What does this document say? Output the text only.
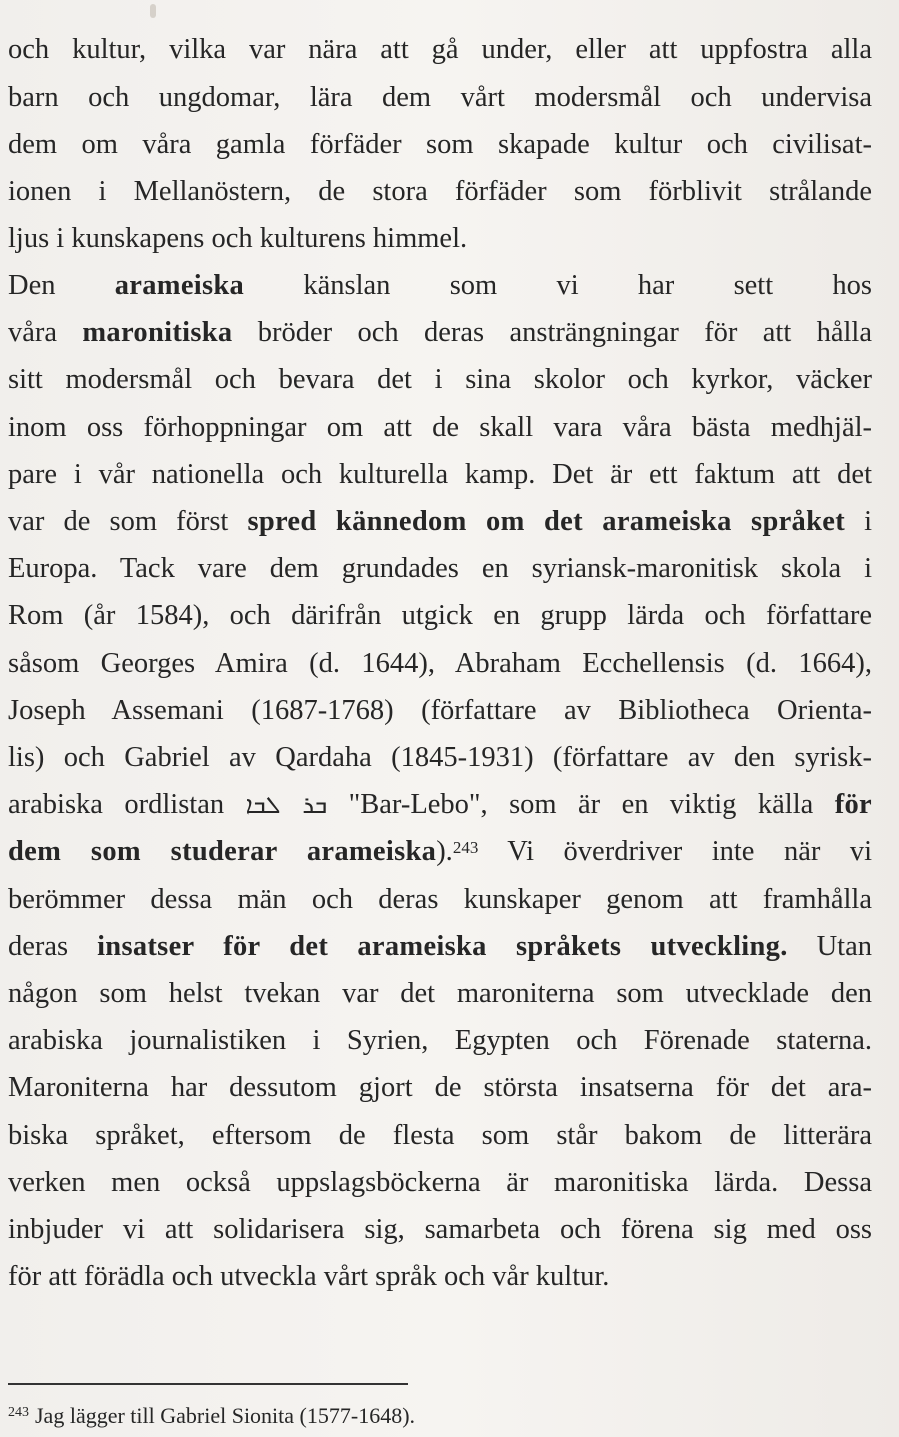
och kultur, vilka var nära att gå under, eller att uppfostra alla
barn och ungdomar, lära dem vårt modersmål och undervisa
dem om våra gamla förfäder som skapade kultur och civilisat-
ionen i Mellanöstern, de stora förfäder som förblivit strålande
ljus i kunskapens och kulturens himmel.
Den arameiska känslan som vi har sett hos
våra maronitiska bröder och deras ansträngningar för att hålla
sitt modersmål och bevara det i sina skolor och kyrkor, väcker
inom oss förhoppningar om att de skall vara våra bästa medhjäl-
pare i vår nationella och kulturella kamp. Det är ett faktum att det
var de som först spred kännedom om det arameiska språket i
Europa. Tack vare dem grundades en syriansk-maronitisk skola i
Rom (år 1584), och därifrån utgick en grupp lärda och författare
såsom Georges Amira (d. 1644), Abraham Ecchellensis (d. 1664),
Joseph Assemani (1687-1768) (författare av Bibliotheca Orienta-
lis) och Gabriel av Qardaha (1845-1931) (författare av den syrisk-
arabiska ordlistan ܒܪ ܠܒܐ "Bar-Lebo", som är en viktig källa för
dem som studerar arameiska).$^{243}$ Vi överdriver inte när vi
berömmer dessa män och deras kunskaper genom att framhålla
deras insatser för det arameiska språkets utveckling. Utan
någon som helst tvekan var det maroniterna som utvecklade den
arabiska journalistiken i Syrien, Egypten och Förenade staterna.
Maroniterna har dessutom gjort de största insatserna för det ara-
biska språket, eftersom de flesta som står bakom de litterära
verken men också uppslagsböckerna är maronitiska lärda. Dessa
inbjuder vi att solidarisera sig, samarbeta och förena sig med oss
för att förädla och utveckla vårt språk och vår kultur.
$^{243}$ Jag lägger till Gabriel Sionita (1577-1648).
